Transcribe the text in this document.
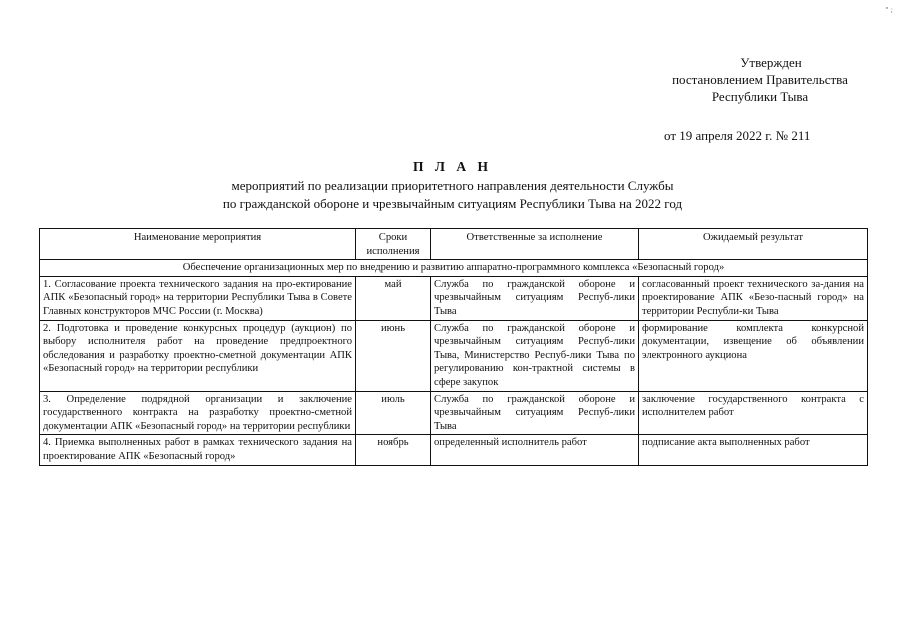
" ;
Утвержден
постановлением Правительства
Республики Тыва
от 19 апреля 2022 г. № 211
П Л А Н
мероприятий по реализации приоритетного направления деятельности Службы
по гражданской обороне и чрезвычайным ситуациям Республики Тыва на 2022 год
Наименование мероприятия	Сроки исполнения	Ответственные за исполнение	Ожидаемый результат
Обеспечение организационных мер по внедрению и развитию аппаратно-программного комплекса «Безопасный город»			
1. Согласование проекта технического задания на про-ектирование АПК «Безопасный город» на территории Республики Тыва в Совете Главных конструкторов МЧС России (г. Москва)	май	Служба по гражданской обороне и чрезвычайным ситуациям Респуб-лики Тыва	согласованный проект технического за-дания на проектирование АПК «Безо-пасный город» на территории Республи-ки Тыва
2. Подготовка и проведение конкурсных процедур (аукцион) по выбору исполнителя работ на проведение предпроектного обследования и разработку проектно-сметной документации АПК «Безопасный город» на территории республики	июнь	Служба по гражданской обороне и чрезвычайным ситуациям Респуб-лики Тыва, Министерство Респуб-лики Тыва по регулированию кон-трактной системы в сфере закупок	формирование комплекта конкурсной документации, извещение об объявлении электронного аукциона
3. Определение подрядной организации и заключение государственного контракта на разработку проектно-сметной документации АПК «Безопасный город» на территории республики	июль	Служба по гражданской обороне и чрезвычайным ситуациям Респуб-лики Тыва	заключение государственного контракта с исполнителем работ
4. Приемка выполненных работ в рамках технического задания на проектирование АПК «Безопасный город»	ноябрь	определенный исполнитель работ	подписание акта выполненных работ
